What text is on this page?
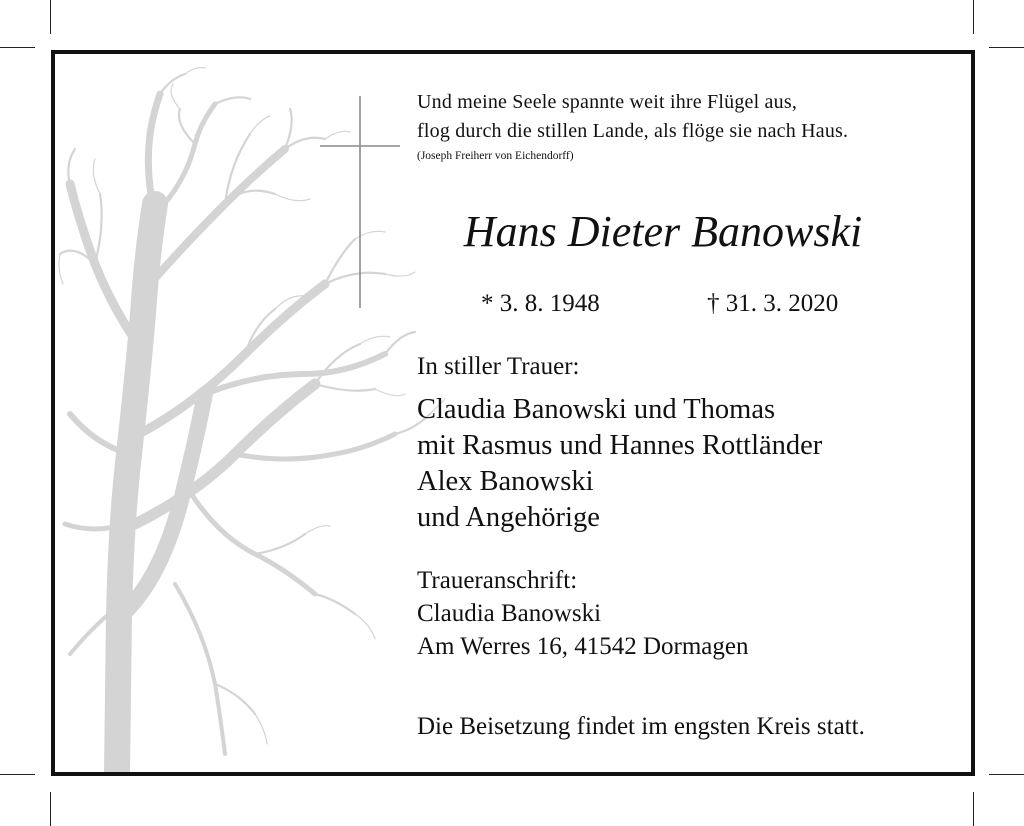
Und meine Seele spannte weit ihre Flügel aus,
flog durch die stillen Lande, als flöge sie nach Haus.
(Joseph Freiherr von Eichendorff)
Hans Dieter Banowski
* 3. 8. 1948	† 31. 3. 2020
In stiller Trauer:
Claudia Banowski und Thomas
mit Rasmus und Hannes Rottländer
Alex Banowski
und Angehörige
Traueranschrift:
Claudia Banowski
Am Werres 16, 41542 Dormagen
Die Beisetzung findet im engsten Kreis statt.
